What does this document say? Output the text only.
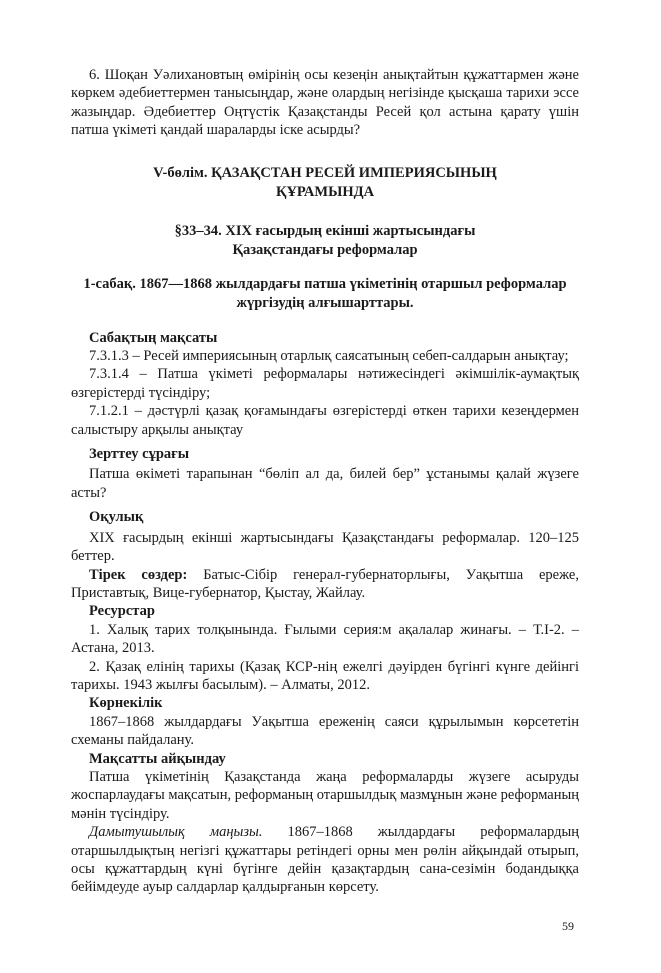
6. Шоқан Уәлихановтың өмірінің осы кезеңін анықтайтын құжаттармен және көркем әдебиеттермен танысыңдар, және олардың негізінде қысқаша тарихи эссе жазыңдар. Әдебиеттер Оңтүстік Қазақстанды Ресей қол астына қарату үшін патша үкіметі қандай шараларды іске асырды?

V-бөлім. ҚАЗАҚСТАН РЕСЕЙ ИМПЕРИЯСЫНЫҢ
ҚҰРАМЫНДА
§33–34. XIX ғасырдың екінші жартысындағы
Қазақстандағы реформалар
1-сабақ. 1867—1868 жылдардағы патша үкіметінің отаршыл реформалар
жүргізудің алғышарттары.
Сабақтың мақсаты

7.3.1.3 – Ресей империясының отарлық саясатының себеп-салдарын анықтау;

7.3.1.4 – Патша үкіметі реформалары нәтижесіндегі әкімшілік-аумақтық өзгерістерді түсіндіру;

7.1.2.1 – дәстүрлі қазақ қоғамындағы өзгерістерді өткен тарихи кезеңдермен салыстыру арқылы анықтау

Зерттеу сұрағы

Патша өкіметі тарапынан “бөліп ал да, билей бер” ұстанымы қалай жүзеге асты?

Оқулық

XIX ғасырдың екінші жартысындағы Қазақстандағы реформалар. 120–125 беттер.

Тірек сөздер: Батыс-Сібір генерал-губернаторлығы, Уақытша ереже, Приставтық, Вице-губернатор, Қыстау, Жайлау.

Ресурстар

1. Халық тарих толқынында. Ғылыми серия:м ақалалар жинағы. – Т.І-2. – Астана, 2013.

2. Қазақ елінің тарихы (Қазақ КСР-нің ежелгі дәуірден бүгінгі күнге дейінгі тарихы. 1943 жылғы басылым). – Алматы, 2012.

Көрнекілік

1867–1868 жылдардағы Уақытша ереженің саяси құрылымын көрсететін схеманы пайдалану.

Мақсатты айқындау

Патша үкіметінің Қазақстанда жаңа реформаларды жүзеге асыруды жоспарлаудағы мақсатын, реформаның отаршылдық мазмұнын және реформаның мәнін түсіндіру.

Дамытушылық маңызы. 1867–1868 жылдардағы реформалардың отаршылдықтың негізгі құжаттары ретіндегі орны мен рөлін айқындай отырып, осы құжаттардың күні бүгінге дейін қазақтардың сана-сезімін бодандыққа бейімдеуде ауыр салдарлар қалдырғанын көрсету.

59
